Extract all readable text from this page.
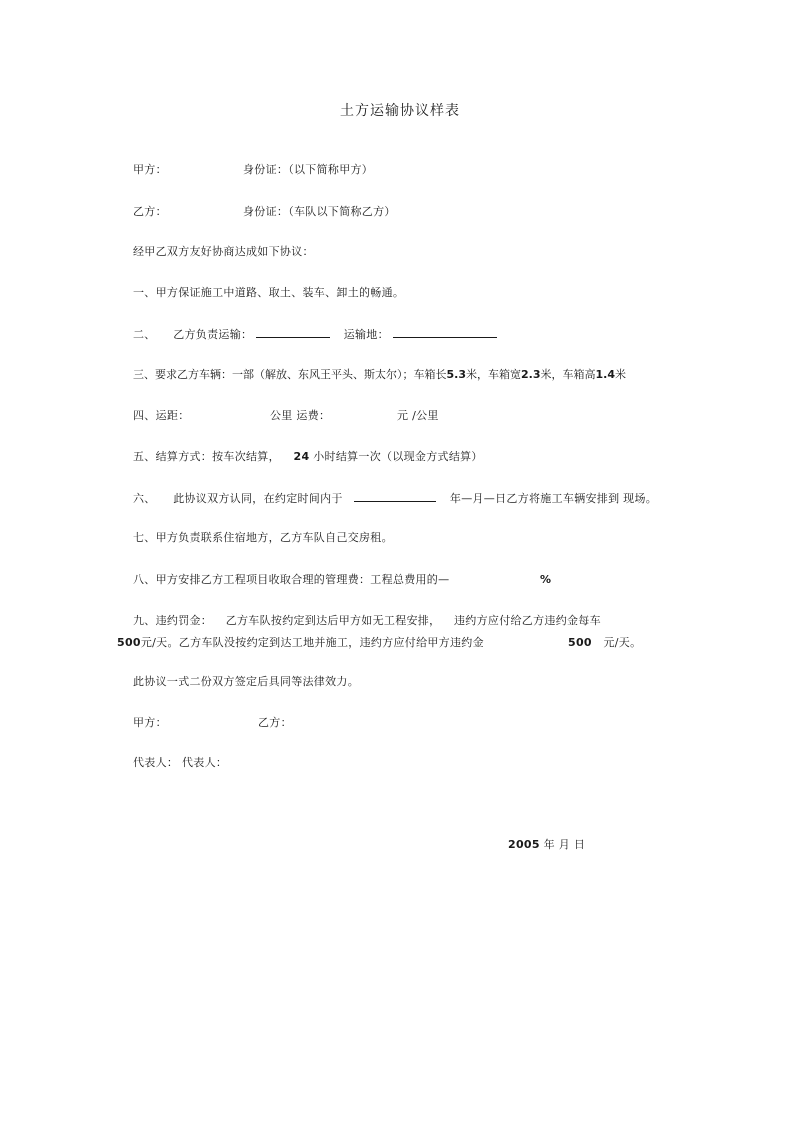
土方运输协议样表
甲方：	身份证：（以下简称甲方）
乙方：	身份证：（车队以下简称乙方）
经甲乙双方友好协商达成如下协议：
一、甲方保证施工中道路、取土、装车、卸土的畅通。
二、 乙方负责运输：	运输地：
三、要求乙方车辆：一部（解放、东风王平头、斯太尔）；车箱长5.3米，车箱宽2.3米，车箱高1.4米
四、运距：	公里 运费：	元 /公里
五、结算方式：按车次结算， 24 小时结算一次（以现金方式结算）
六、 此协议双方认同，在约定时间内于	年—月—日乙方将施工车辆安排到 现场。
七、甲方负责联系住宿地方，乙方车队自己交房租。
八、甲方安排乙方工程项目收取合理的管理费：工程总费用的—	%
九、违约罚金： 乙方车队按约定到达后甲方如无工程安排， 违约方应付给乙方违约金每车
500元/天。乙方车队没按约定到达工地并施工，违约方应付给甲方违约金	500 元/天。
此协议一式二份双方签定后具同等法律效力。
甲方：	乙方：
代表人： 代表人：
2005 年 月 日
